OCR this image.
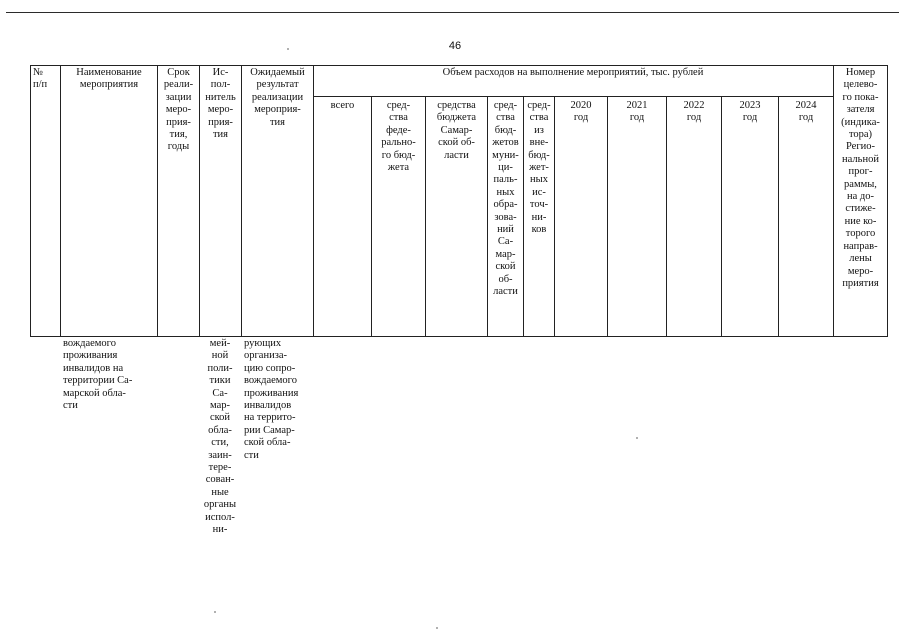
46
№
п/п
Наименование
мероприятия
Срок
реали-
зации
меро-
прия-
тия,
годы
Ис-
пол-
нитель
меро-
прия-
тия
Ожидаемый
результат
реализации
мероприя-
тия
Объем расходов на выполнение мероприятий, тыс. рублей
всего	сред-
ства
феде-
рально-
го бюд-
жета
средства
бюджета
Самар-
ской об-
ласти
сред-
ства
бюд-
жетов
муни-
ци-
паль-
ных
обра-
зова-
ний
Са-
мар-
ской
об-
ласти
сред-
ства
из
вне-
бюд-
жет-
ных
ис-
точ-
ни-
ков
2020
год
2021
год
2022
год
2023
год
2024
год
Номер
целево-
го пока-
зателя
(индика-
тора)
Регио-
нальной
прог-
раммы,
на до-
стиже-
ние ко-
торого
направ-
лены
меро-
приятия
вождаемого
проживания
инвалидов на
территории Са-
марской обла-
сти
мей-
ной
поли-
тики
Са-
мар-
ской
обла-
сти,
заин-
тере-
сован-
ные
органы
испол-
ни-
рующих
организа-
цию сопро-
вождаемого
проживания
инвалидов
на террито-
рии Самар-
ской обла-
сти
